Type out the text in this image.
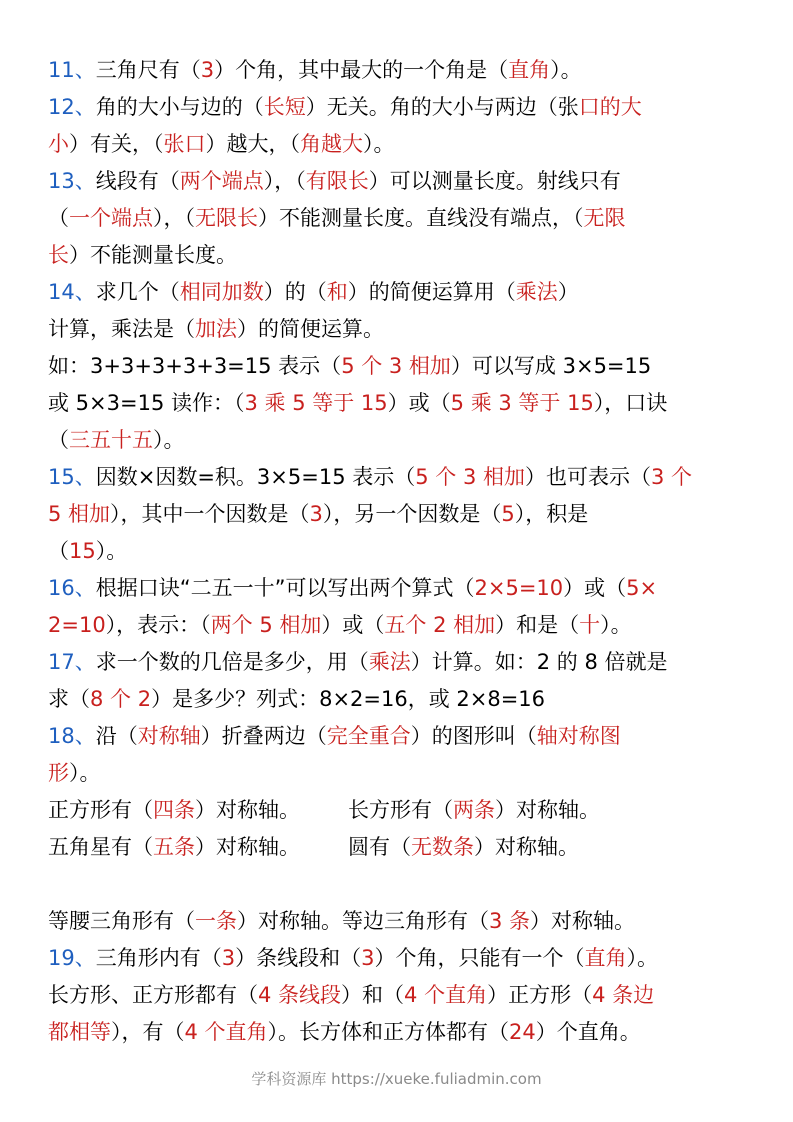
11、三角尺有（3）个角，其中最大的一个角是（直角）。
12、角的大小与边的（长短）无关。角的大小与两边（张口的大
小）有关，（张口）越大，（角越大）。
13、线段有（两个端点），（有限长）可以测量长度。射线只有
（一个端点），（无限长）不能测量长度。直线没有端点，（无限
长）不能测量长度。
14、求几个（相同加数）的（和）的简便运算用（乘法）
计算，乘法是（加法）的简便运算。
如：3+3+3+3+3=15 表示（5 个 3 相加）可以写成 3×5=15
或 5×3=15 读作：（3 乘 5 等于 15）或（5 乘 3 等于 15），口诀
（三五十五）。
15、因数×因数=积。3×5=15 表示（5 个 3 相加）也可表示（3 个
5 相加），其中一个因数是（3），另一个因数是（5），积是
（15）。
16、根据口诀“二五一十”可以写出两个算式（2×5=10）或（5×
2=10），表示：（两个 5 相加）或（五个 2 相加）和是（十）。
17、求一个数的几倍是多少，用（乘法）计算。如：2 的 8 倍就是
求（8 个 2）是多少？列式：8×2=16，或 2×8=16
18、沿（对称轴）折叠两边（完全重合）的图形叫（轴对称图
形）。
正方形有（四条）对称轴。 长方形有（两条）对称轴。
五角星有（五条）对称轴。 圆有（无数条）对称轴。
等腰三角形有（一条）对称轴。等边三角形有（3 条）对称轴。
19、三角形内有（3）条线段和（3）个角，只能有一个（直角）。
长方形、正方形都有（4 条线段）和（4 个直角）正方形（4 条边
都相等），有（4 个直角）。长方体和正方体都有（24）个直角。
学科资源库 https://xueke.fuliadmin.com
